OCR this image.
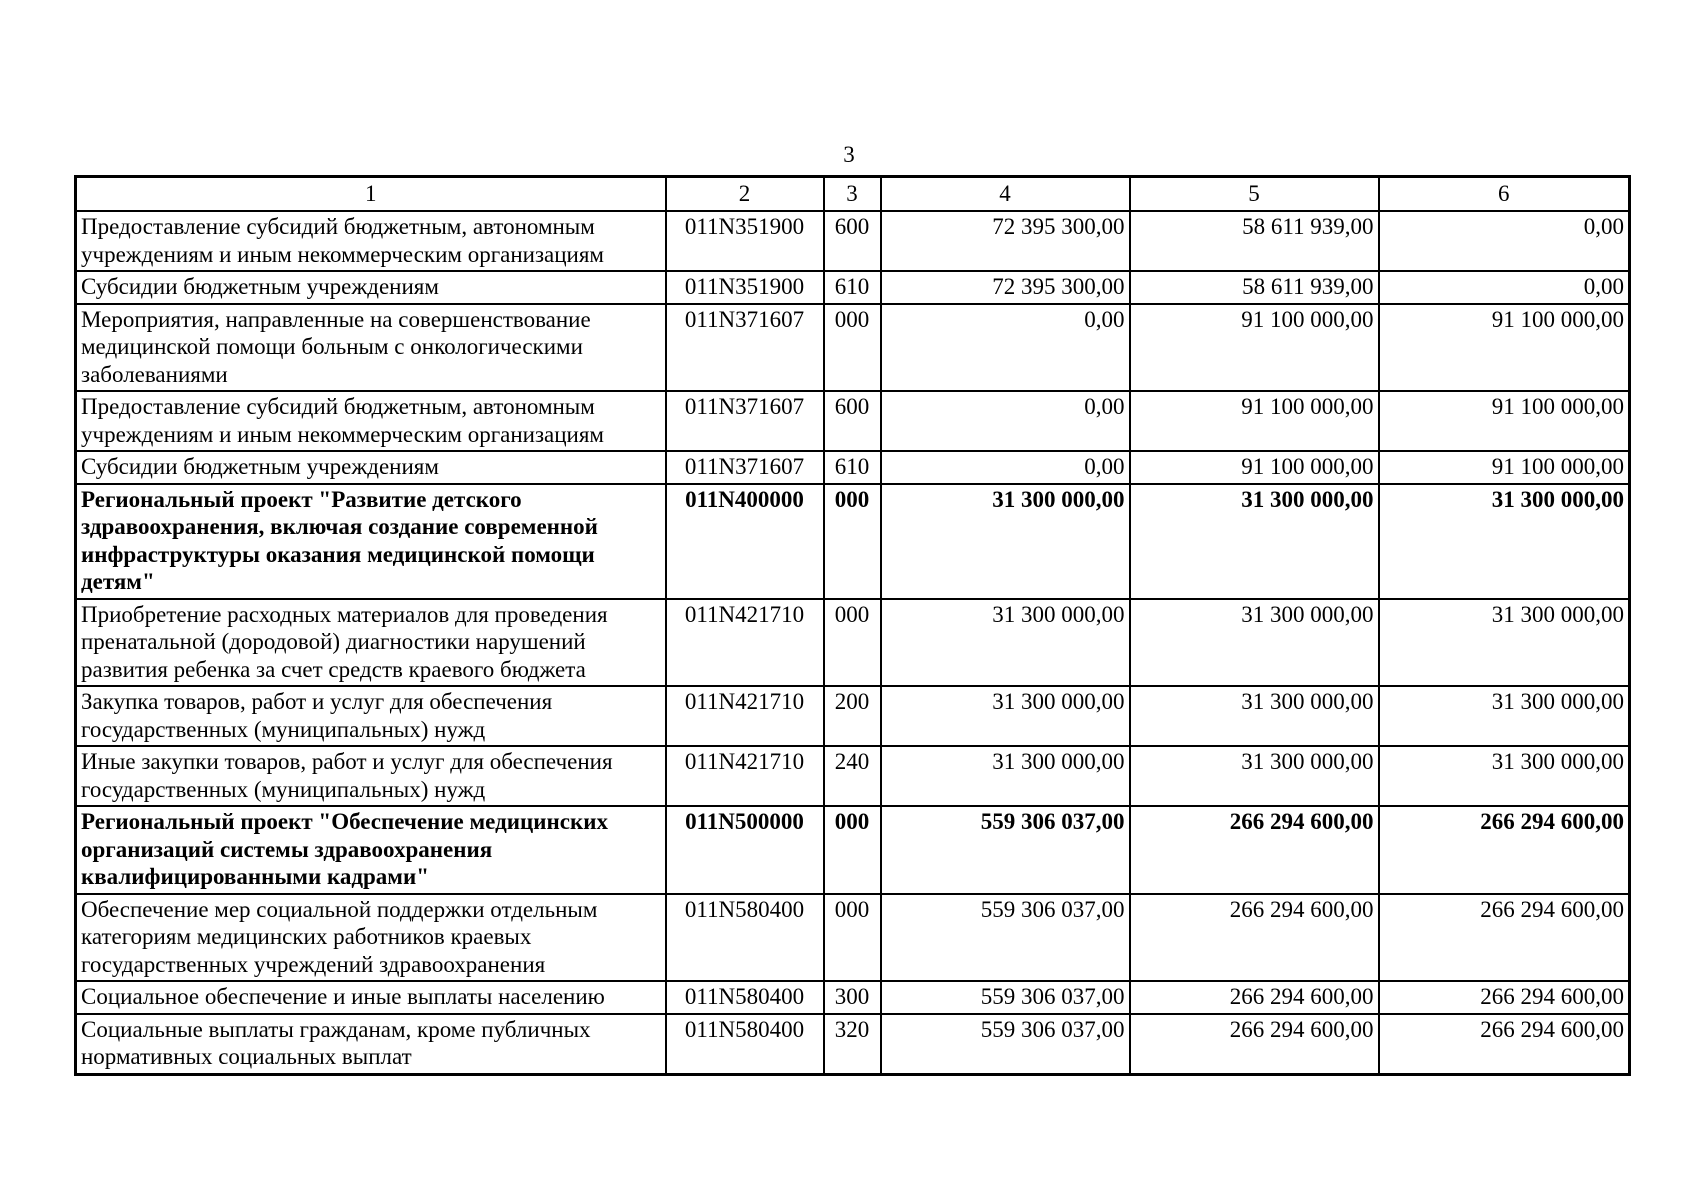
3
1	2	3	4	5	6
Предоставление субсидий бюджетным, автономным
учреждениям и иным некоммерческим организациям	011N351900	600	72 395 300,00	58 611 939,00	0,00
Субсидии бюджетным учреждениям	011N351900	610	72 395 300,00	58 611 939,00	0,00
Мероприятия, направленные на совершенствование
медицинской помощи больным с онкологическими
заболеваниями	011N371607	000	0,00	91 100 000,00	91 100 000,00
Предоставление субсидий бюджетным, автономным
учреждениям и иным некоммерческим организациям	011N371607	600	0,00	91 100 000,00	91 100 000,00
Субсидии бюджетным учреждениям	011N371607	610	0,00	91 100 000,00	91 100 000,00
Региональный проект "Развитие детского
здравоохранения, включая создание современной
инфраструктуры оказания медицинской помощи
детям"	011N400000	000	31 300 000,00	31 300 000,00	31 300 000,00
Приобретение расходных материалов для проведения
пренатальной (дородовой) диагностики нарушений
развития ребенка за счет средств краевого бюджета	011N421710	000	31 300 000,00	31 300 000,00	31 300 000,00
Закупка товаров, работ и услуг для обеспечения
государственных (муниципальных) нужд	011N421710	200	31 300 000,00	31 300 000,00	31 300 000,00
Иные закупки товаров, работ и услуг для обеспечения
государственных (муниципальных) нужд	011N421710	240	31 300 000,00	31 300 000,00	31 300 000,00
Региональный проект "Обеспечение медицинских
организаций системы здравоохранения
квалифицированными кадрами"	011N500000	000	559 306 037,00	266 294 600,00	266 294 600,00
Обеспечение мер социальной поддержки отдельным
категориям медицинских работников краевых
государственных учреждений здравоохранения	011N580400	000	559 306 037,00	266 294 600,00	266 294 600,00
Социальное обеспечение и иные выплаты населению	011N580400	300	559 306 037,00	266 294 600,00	266 294 600,00
Социальные выплаты гражданам, кроме публичных
нормативных социальных выплат	011N580400	320	559 306 037,00	266 294 600,00	266 294 600,00
